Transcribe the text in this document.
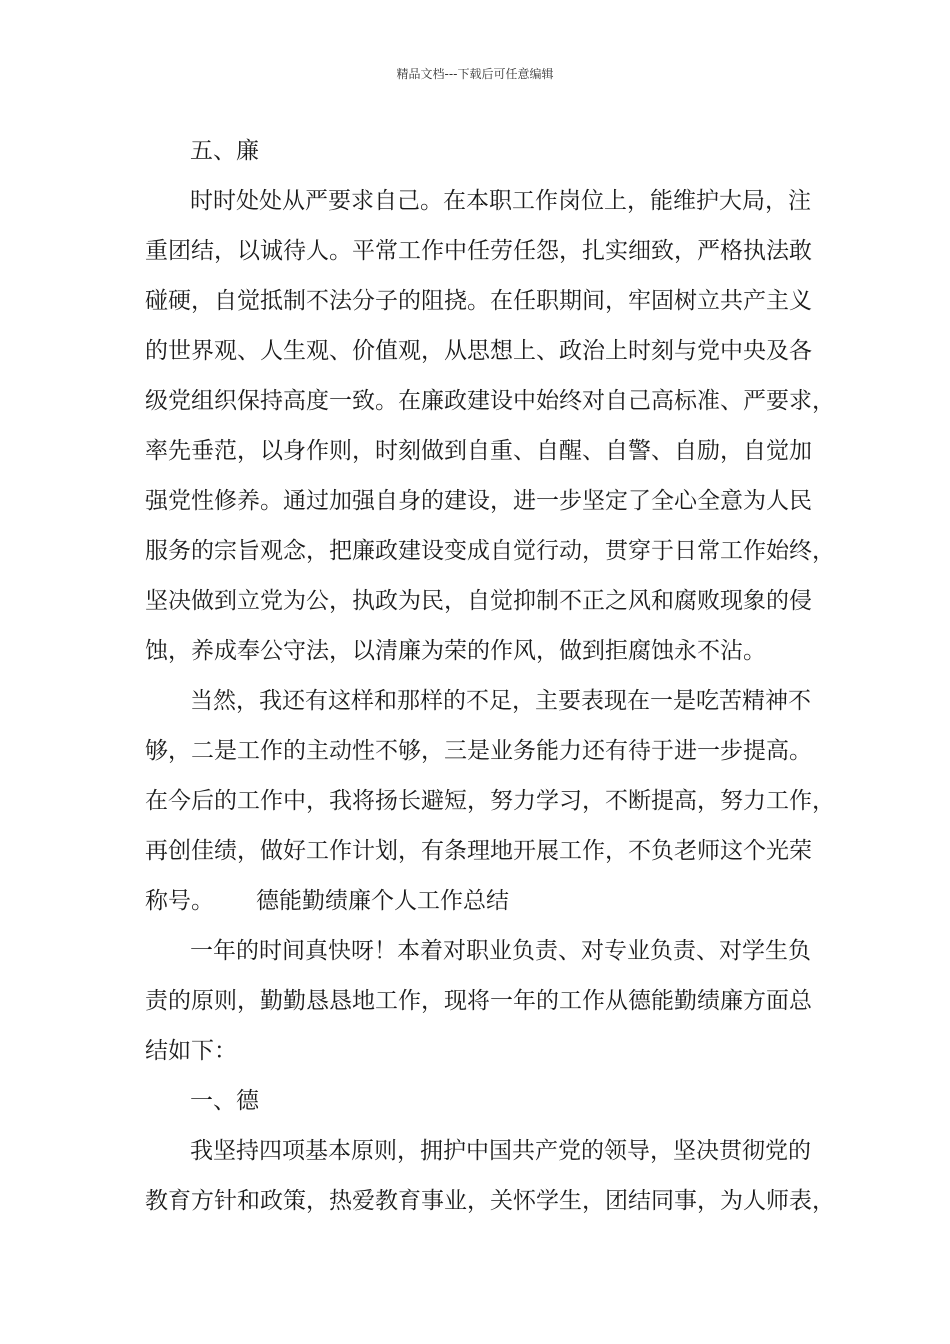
精品文档---下载后可任意编辑
五、廉
时时处处从严要求自己。在本职工作岗位上，能维护大局，注
重团结，以诚待人。平常工作中任劳任怨，扎实细致，严格执法敢
碰硬，自觉抵制不法分子的阻挠。在任职期间，牢固树立共产主义
的世界观、人生观、价值观，从思想上、政治上时刻与党中央及各
级党组织保持高度一致。在廉政建设中始终对自己高标准、严要求，
率先垂范，以身作则，时刻做到自重、自醒、自警、自励，自觉加
强党性修养。通过加强自身的建设，进一步坚定了全心全意为人民
服务的宗旨观念，把廉政建设变成自觉行动，贯穿于日常工作始终，
坚决做到立党为公，执政为民，自觉抑制不正之风和腐败现象的侵
蚀，养成奉公守法，以清廉为荣的作风，做到拒腐蚀永不沾。
当然，我还有这样和那样的不足，主要表现在一是吃苦精神不
够，二是工作的主动性不够，三是业务能力还有待于进一步提高。
在今后的工作中，我将扬长避短，努力学习，不断提高，努力工作，
再创佳绩，做好工作计划，有条理地开展工作，不负老师这个光荣
称号。 德能勤绩廉个人工作总结
一年的时间真快呀！本着对职业负责、对专业负责、对学生负
责的原则，勤勤恳恳地工作，现将一年的工作从德能勤绩廉方面总
结如下：
一、德
我坚持四项基本原则，拥护中国共产党的领导，坚决贯彻党的
教育方针和政策，热爱教育事业，关怀学生，团结同事，为人师表，
